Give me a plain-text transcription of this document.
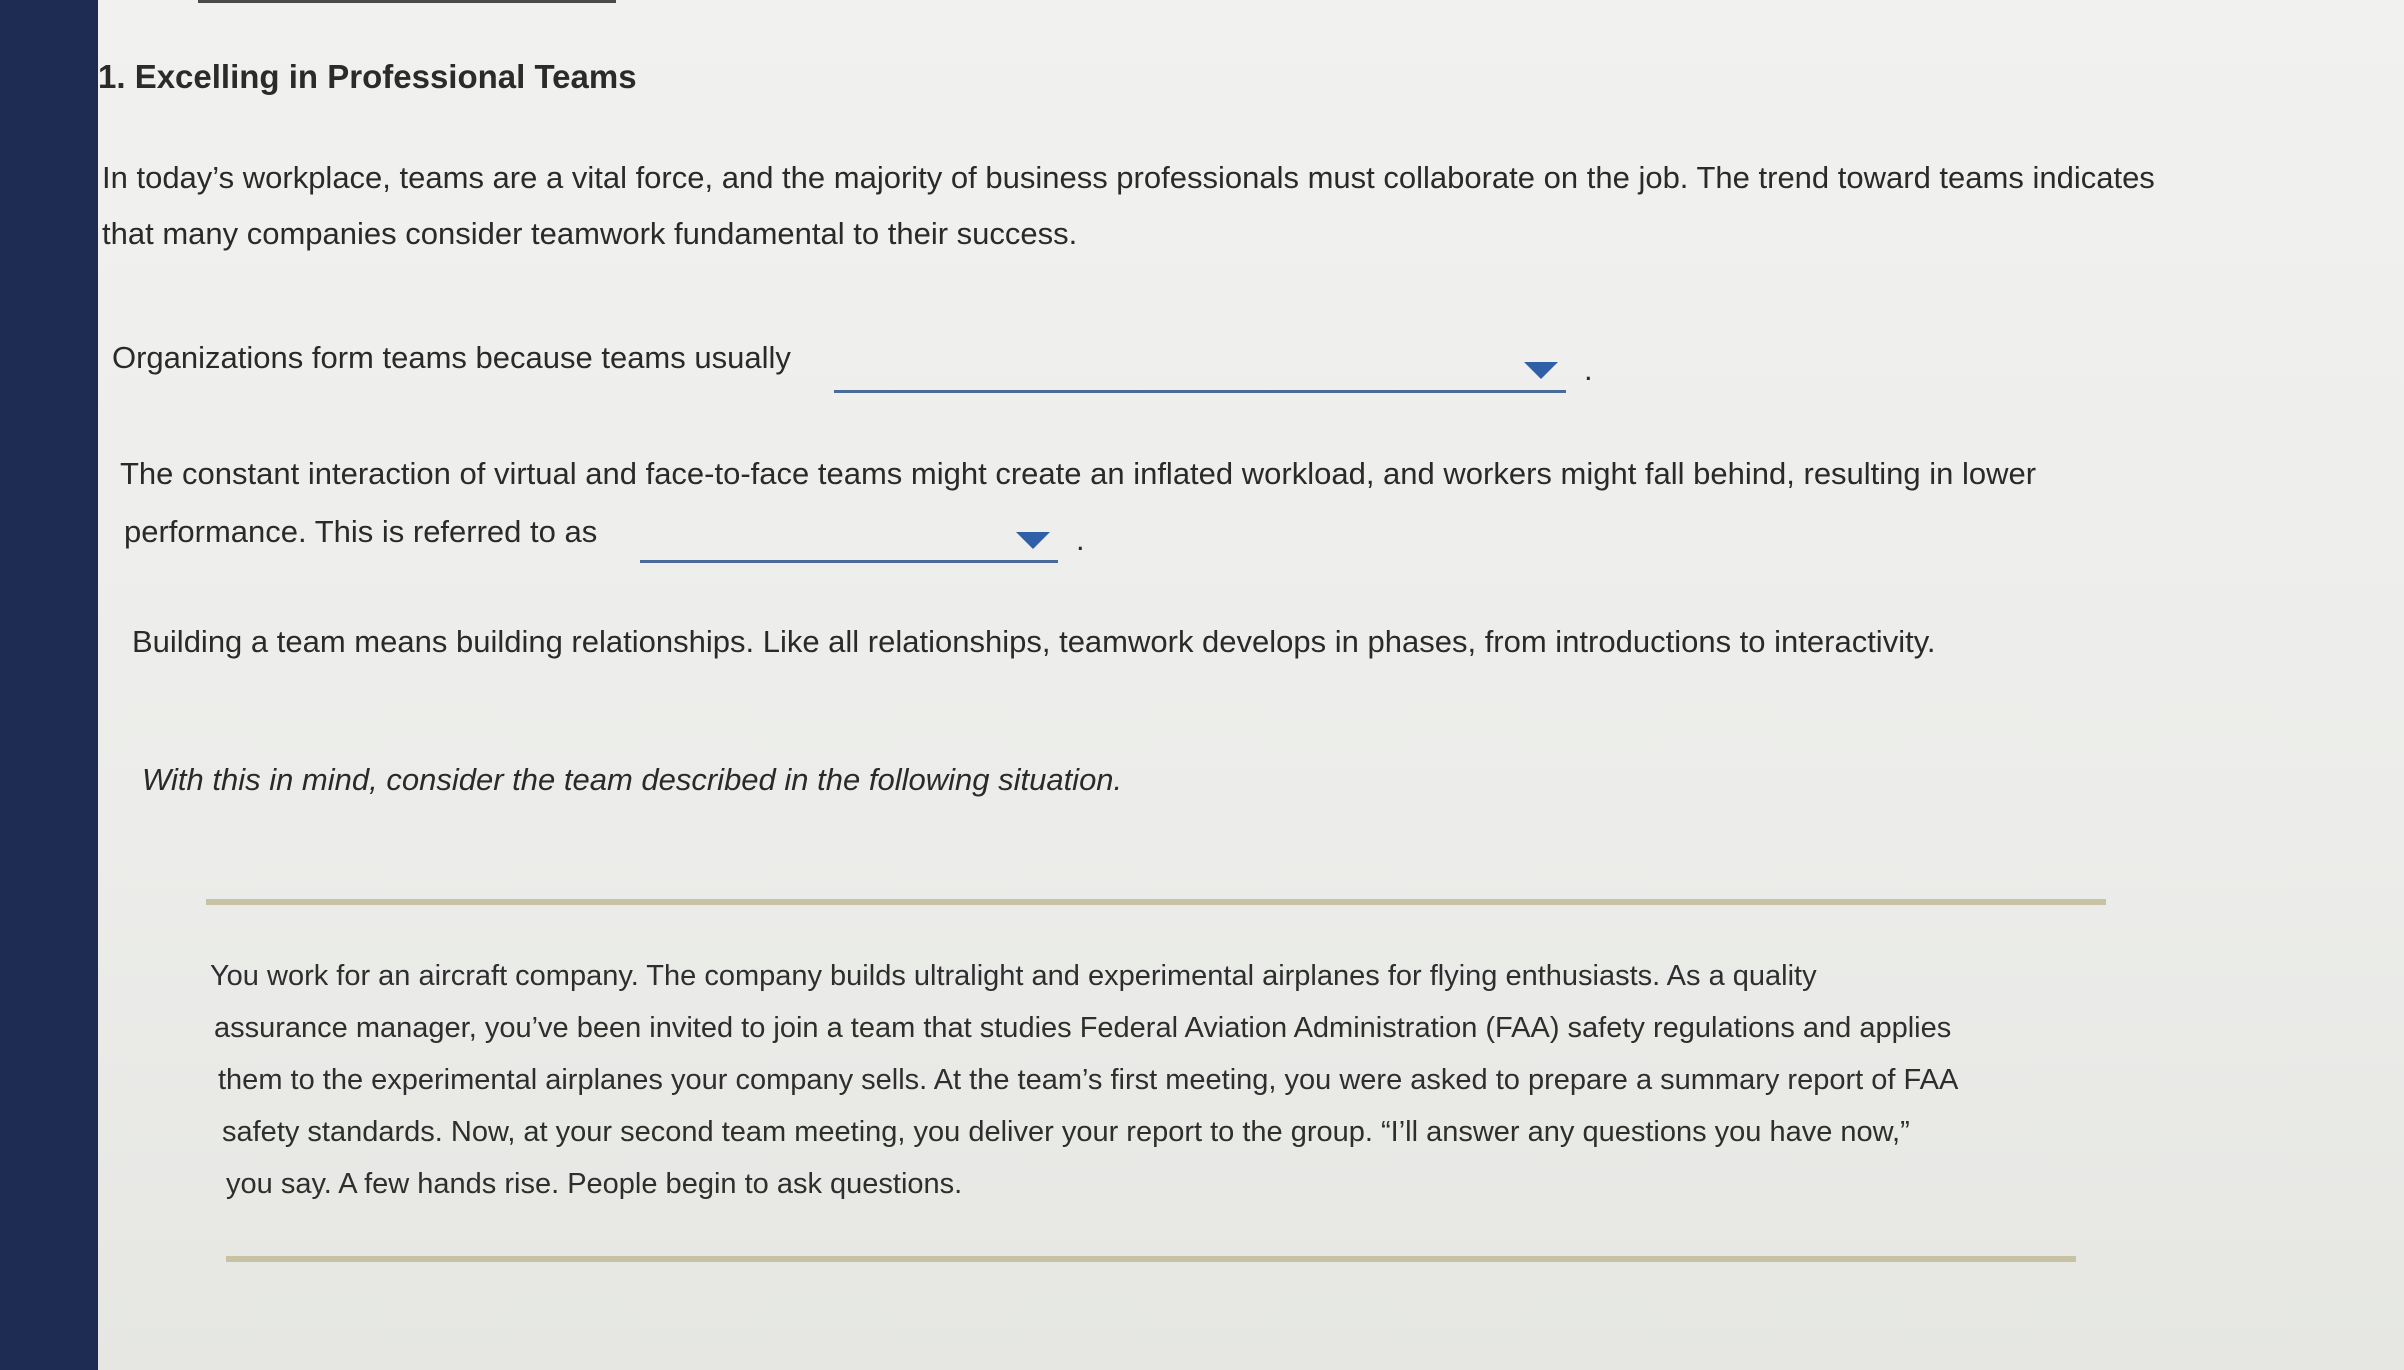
1. Excelling in Professional Teams
In today’s workplace, teams are a vital force, and the majority of business professionals must collaborate on the job. The trend toward teams indicates
that many companies consider teamwork fundamental to their success.
Organizations form teams because teams usually	.
The constant interaction of virtual and face-to-face teams might create an inflated workload, and workers might fall behind, resulting in lower
performance. This is referred to as	.
Building a team means building relationships. Like all relationships, teamwork develops in phases, from introductions to interactivity.
With this in mind, consider the team described in the following situation.
You work for an aircraft company. The company builds ultralight and experimental airplanes for flying enthusiasts. As a quality
assurance manager, you’ve been invited to join a team that studies Federal Aviation Administration (FAA) safety regulations and applies
them to the experimental airplanes your company sells. At the team’s first meeting, you were asked to prepare a summary report of FAA
safety standards. Now, at your second team meeting, you deliver your report to the group. “I’ll answer any questions you have now,”
you say. A few hands rise. People begin to ask questions.
